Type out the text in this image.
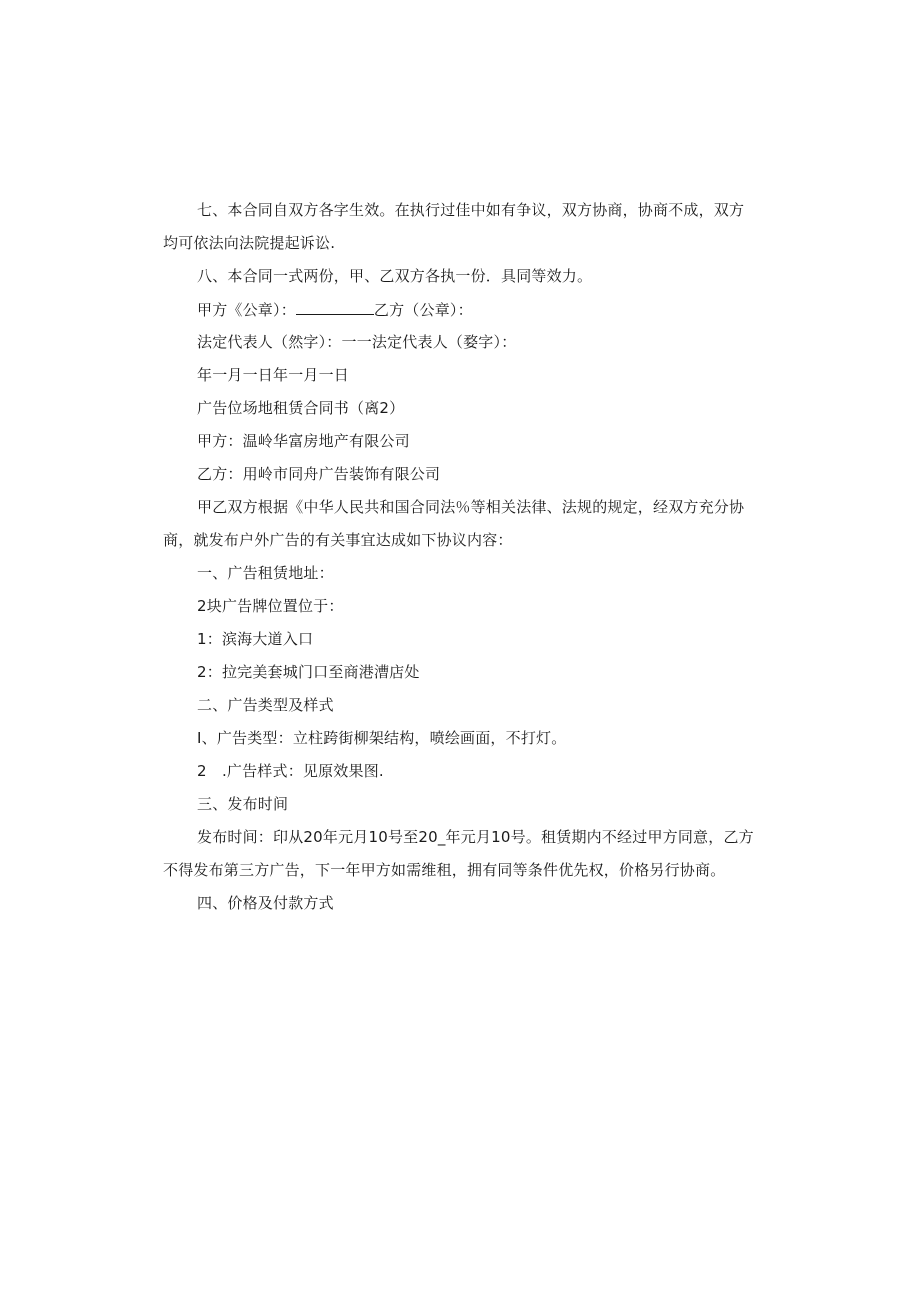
七、本合同自双方各字生效。在执行过佳中如有争议，双方协商，协商不成，双方
均可依法向法院提起诉讼.
八、本合同一式两份，甲、乙双方各执一份．具同等效力。
甲方《公章）：	乙方（公章）：
法定代表人（然字）：一一法定代表人（婺字）：
年一月一日年一月一日
广告位场地租赁合同书（离2）
甲方：温岭华富房地产有限公司
乙方：用岭市同舟广告装饰有限公司
甲乙双方根据《中华人民共和国合同法％等相关法律、法规的规定，经双方充分协
商，就发布户外广告的有关事宜达成如下协议内容：
一、广告租赁地址：
2块广告牌位置位于：
1：滨海大道入口
2：拉完美套城门口至商港漕店处
二、广告类型及样式
I、广告类型：立柱跨街柳架结构，喷绘画面，不打灯。
2　.广告样式：见原效果图.
三、发布时间
发布时间：印从20年元月10号至20_年元月10号。租赁期内不经过甲方同意，乙方
不得发布第三方广告，下一年甲方如需维租，拥有同等条件优先权，价格另行协商。
四、价格及付款方式
